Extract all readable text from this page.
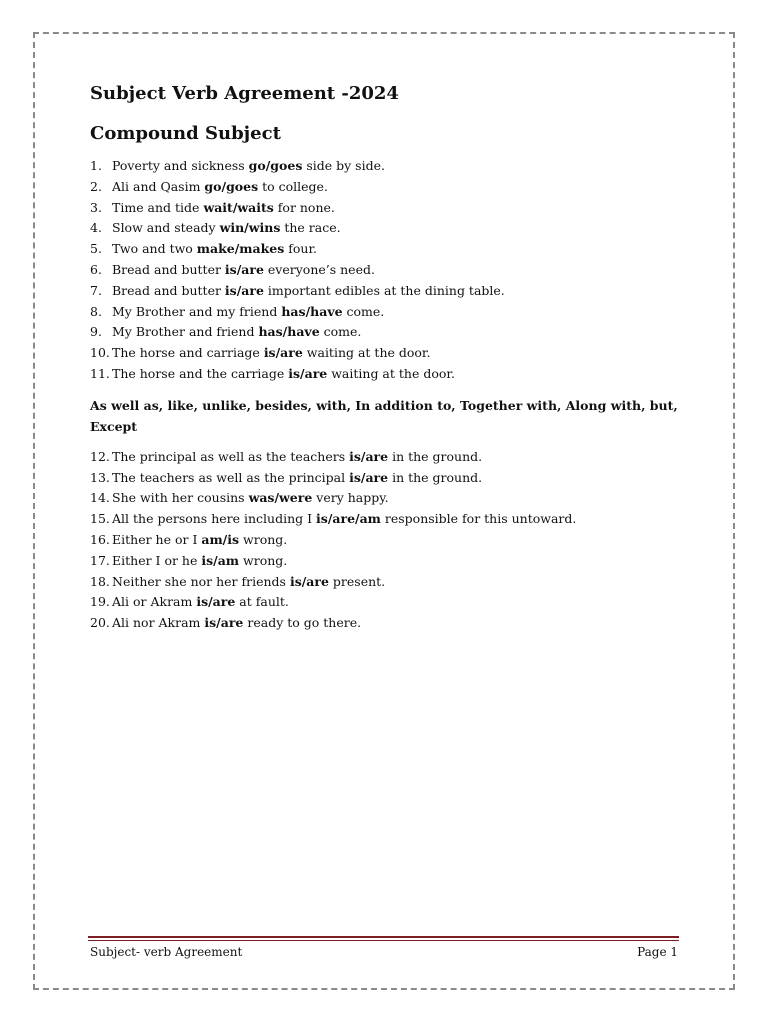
Subject Verb Agreement -2024
Compound Subject
1. Poverty and sickness go/goes side by side.
2. Ali and Qasim go/goes to college.
3. Time and tide wait/waits for none.
4. Slow and steady win/wins the race.
5. Two and two make/makes four.
6. Bread and butter is/are everyone’s need.
7. Bread and butter is/are important edibles at the dining table.
8. My Brother and my friend has/have come.
9. My Brother and friend has/have come.
10. The horse and carriage is/are waiting at the door.
11. The horse and the carriage is/are waiting at the door.

As well as, like, unlike, besides, with, In addition to, Together with, Along with, but, Except

12. The principal as well as the teachers is/are in the ground.
13. The teachers as well as the principal is/are in the ground.
14. She with her cousins was/were very happy.
15. All the persons here including I is/are/am responsible for this untoward.
16. Either he or I am/is wrong.
17. Either I or he is/am wrong.
18. Neither she nor her friends is/are present.
19. Ali or Akram is/are at fault.
20. Ali nor Akram is/are ready to go there.
Subject- verb Agreement	Page 1
